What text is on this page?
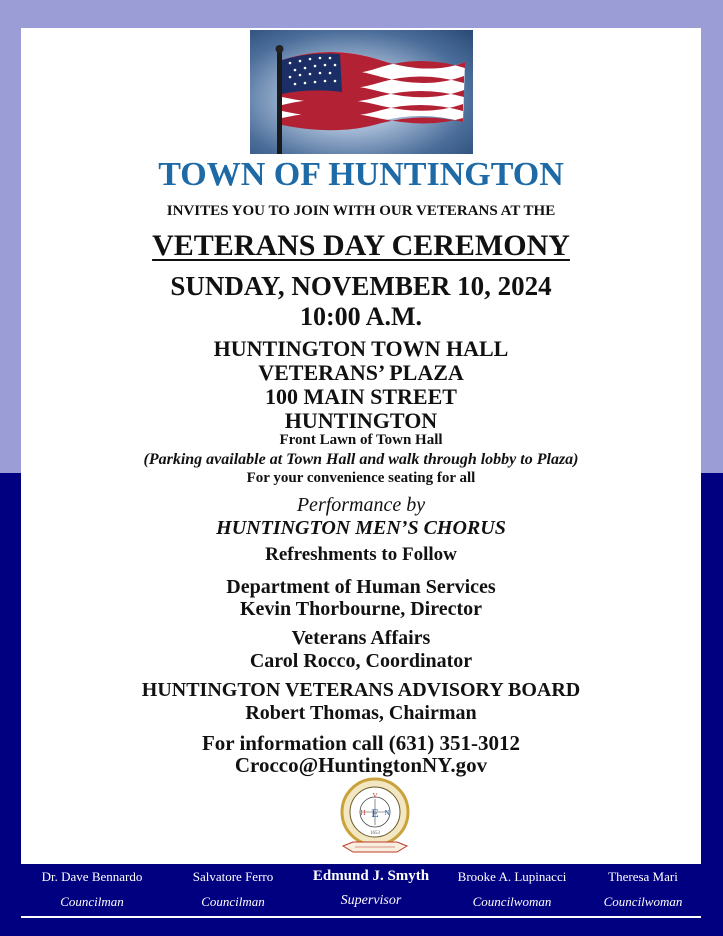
TOWN OF HUNTINGTON
INVITES YOU TO JOIN WITH OUR VETERANS AT THE
VETERANS DAY CEREMONY
SUNDAY, NOVEMBER 10, 2024
10:00 A.M.
HUNTINGTON TOWN HALL
VETERANS’ PLAZA
100 MAIN STREET
HUNTINGTON
Front Lawn of Town Hall
(Parking available at Town Hall and walk through lobby to Plaza)
For your convenience seating for all
Performance by
HUNTINGTON MEN’S CHORUS
Refreshments to Follow
Department of Human Services
Kevin Thorbourne, Director
Veterans Affairs
Carol Rocco, Coordinator
HUNTINGTON VETERANS ADVISORY BOARD
Robert Thomas, Chairman
For information call (631) 351-3012
Crocco@HuntingtonNY.gov
V
H	N
E
1653
Dr. Dave Bennardo
Councilman
Salvatore Ferro
Councilman
Edmund J. Smyth
Supervisor
Brooke A. Lupinacci
Councilwoman
Theresa Mari
Councilwoman
